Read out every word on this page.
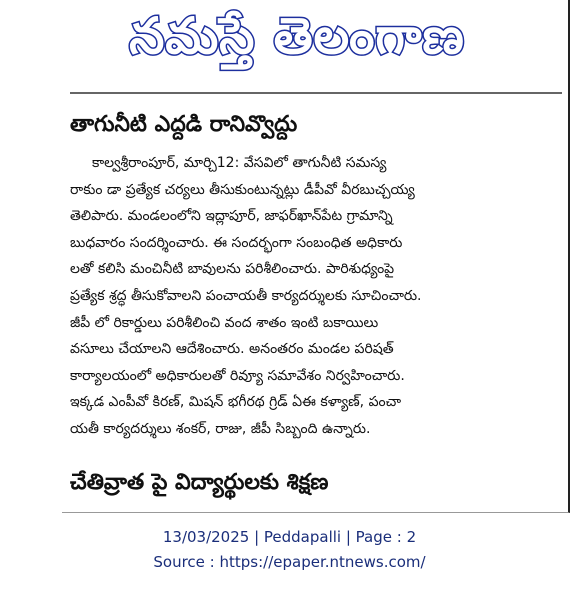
నమస్తే తెలంగాణ
తాగునీటి ఎద్దడి రానివ్వొద్దు
కాల్వశ్రీరాంపూర్, మార్చి12: వేసవిలో తాగునీటి సమస్య
రాకుం డా ప్రత్యేక చర్యలు తీసుకుంటున్నట్లు డీపీవో వీరబుచ్చయ్య
తెలిపారు. మండలంలోని ఇద్లాపూర్, జాఫర్‌ఖాన్‌పేట గ్రామాన్ని
బుధవారం సందర్శించారు. ఈ సందర్భంగా సంబంధిత అధికారు
లతో కలిసి మంచినీటి బావులను పరిశీలించారు. పారిశుధ్యంపై
ప్రత్యేక శ్రద్ధ తీసుకోవాలని పంచాయతీ కార్యదర్శులకు సూచించారు.
జీపీ లో రికార్డులు పరిశీలించి వంద శాతం ఇంటి బకాయిలు
వసూలు చేయాలని ఆదేశించారు. అనంతరం మండల పరిషత్
కార్యాలయంలో అధికారులతో రివ్యూ సమావేశం నిర్వహించారు.
ఇక్కడ ఎంపీవో కిరణ్, మిషన్ భగీరథ గ్రిడ్ ఏఈ కళ్యాణ్, పంచా
యతీ కార్యదర్శులు శంకర్, రాజు, జీపీ సిబ్బంది ఉన్నారు.
చేతివ్రాత పై విద్యార్థులకు శిక్షణ
13/03/2025 | Peddapalli | Page : 2
Source : https://epaper.ntnews.com/
